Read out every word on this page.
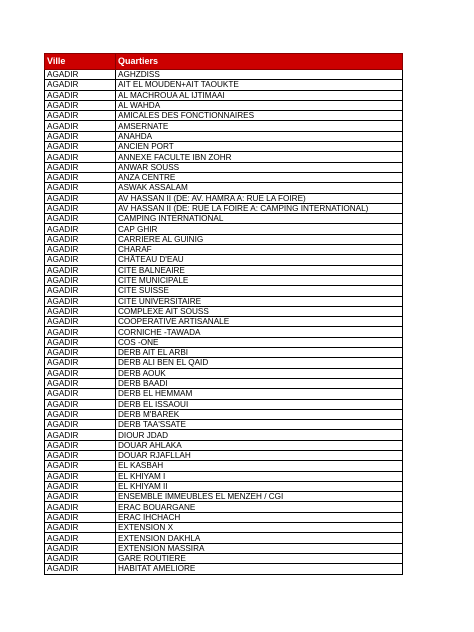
Ville	Quartiers
AGADIR	AGHZDISS
AGADIR	AIT EL MOUDEN+AIT TAOUKTE
AGADIR	AL MACHROUA AL IJTIMAAI
AGADIR	AL WAHDA
AGADIR	AMICALES DES FONCTIONNAIRES
AGADIR	AMSERNATE
AGADIR	ANAHDA
AGADIR	ANCIEN PORT
AGADIR	ANNEXE FACULTE IBN ZOHR
AGADIR	ANWAR SOUSS
AGADIR	ANZA CENTRE
AGADIR	ASWAK ASSALAM
AGADIR	AV HASSAN II (DE: AV. HAMRA A: RUE LA FOIRE)
AGADIR	AV HASSAN II (DE: RUE LA FOIRE A: CAMPING INTERNATIONAL)
AGADIR	CAMPING INTERNATIONAL
AGADIR	CAP GHIR
AGADIR	CARRIERE AL GUINIG
AGADIR	CHARAF
AGADIR	CHÂTEAU D'EAU
AGADIR	CITE BALNEAIRE
AGADIR	CITE MUNICIPALE
AGADIR	CITE SUISSE
AGADIR	CITE UNIVERSITAIRE
AGADIR	COMPLEXE AIT SOUSS
AGADIR	COOPERATIVE ARTISANALE
AGADIR	CORNICHE -TAWADA
AGADIR	COS -ONE
AGADIR	DERB AIT EL ARBI
AGADIR	DERB ALI BEN EL QAID
AGADIR	DERB AOUK
AGADIR	DERB BAADI
AGADIR	DERB EL HEMMAM
AGADIR	DERB EL ISSAOUI
AGADIR	DERB M'BAREK
AGADIR	DERB TAA'SSATE
AGADIR	DIOUR JDAD
AGADIR	DOUAR AHLAKA
AGADIR	DOUAR RJAFLLAH
AGADIR	EL KASBAH
AGADIR	EL KHIYAM I
AGADIR	EL KHIYAM II
AGADIR	ENSEMBLE IMMEUBLES EL MENZEH / CGI
AGADIR	ERAC BOUARGANE
AGADIR	ERAC IHCHACH
AGADIR	EXTENSION X
AGADIR	EXTENSION DAKHLA
AGADIR	EXTENSION MASSIRA
AGADIR	GARE ROUTIERE
AGADIR	HABITAT AMELIORE
